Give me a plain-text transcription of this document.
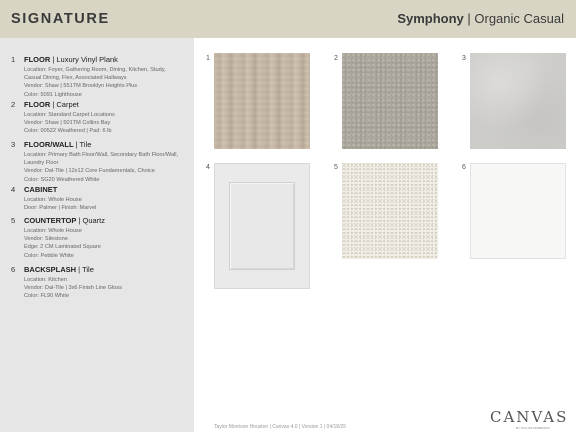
SIGNATURE	Symphony | Organic Casual
1 FLOOR | Luxury Vinyl Plank
Location: Foyer, Gathering Room, Dining, Kitchen, Study,
Casual Dining, Flex, Associated Hallways
Vendor: Shaw | 551TM Brooklyn Heights Plus
Color: 5091 Lighthouse
2 FLOOR | Carpet
Location: Standard Carpet Locations
Vendor: Shaw | 501TM Collins Bay
Color: 00522 Weathered | Pad: 6 lb
3 FLOOR/WALL | Tile
Location: Primary Bath Floor/Wall, Secondary Bath Floor/Wall,
Laundry Floor
Vendor: Dal-Tile | 12x12 Core Fundamentals, Choice
Color: SG20 Weathered White
4 CABINET
Location: Whole House
Door: Palmer | Finish: Marvel
5 COUNTERTOP | Quartz
Location: Whole House
Vendor: Silestone
Edge: 2 CM Laminated Square
Color: Pebble White
6 BACKSPLASH | Tile
Location: Kitchen
Vendor: Dal-Tile | 3x6 Finish Line Gloss
Color: FL90 White
1	2	3
4	5	6
Taylor Morrison Houston | Canvas 4.0 | Version 1 | 04/18/25
CANVAS
BY TAYLOR MORRISON
